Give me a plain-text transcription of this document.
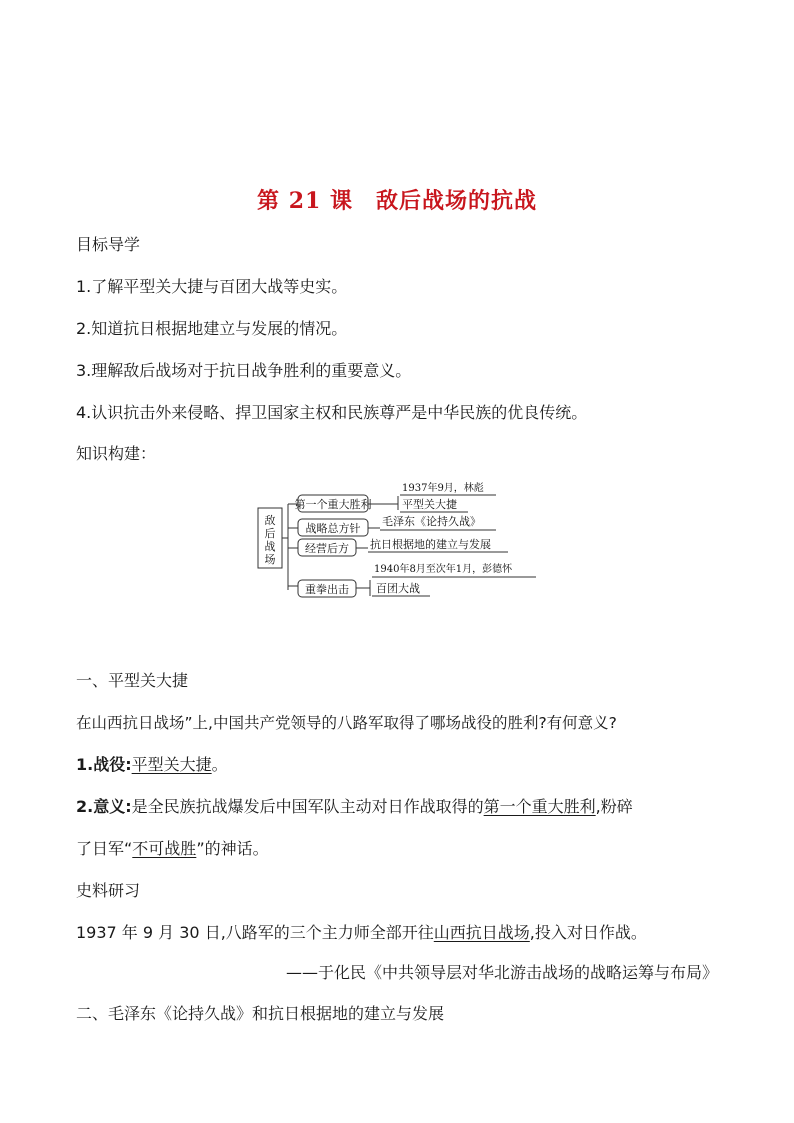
第 21 课　敌后战场的抗战
目标导学
1.了解平型关大捷与百团大战等史实。
2.知道抗日根据地建立与发展的情况。
3.理解敌后战场对于抗日战争胜利的重要意义。
4.认识抗击外来侵略、捍卫国家主权和民族尊严是中华民族的优良传统。
知识构建：
敌
后
战
场
第一个重大胜利
1937年9月，林彪
平型关大捷
战略总方针
毛泽东《论持久战》
经营后方 抗日根据地的建立与发展
重拳出击
1940年8月至次年1月，彭德怀
百团大战
一、平型关大捷
在山西抗日战场”上,中国共产党领导的八路军取得了哪场战役的胜利?有何意义?
1.战役:平型关大捷。
2.意义:是全民族抗战爆发后中国军队主动对日作战取得的第一个重大胜利,粉碎
了日军“不可战胜”的神话。
史料研习
1937 年 9 月 30 日,八路军的三个主力师全部开往山西抗日战场,投入对日作战。
——于化民《中共领导层对华北游击战场的战略运筹与布局》
二、毛泽东《论持久战》和抗日根据地的建立与发展
